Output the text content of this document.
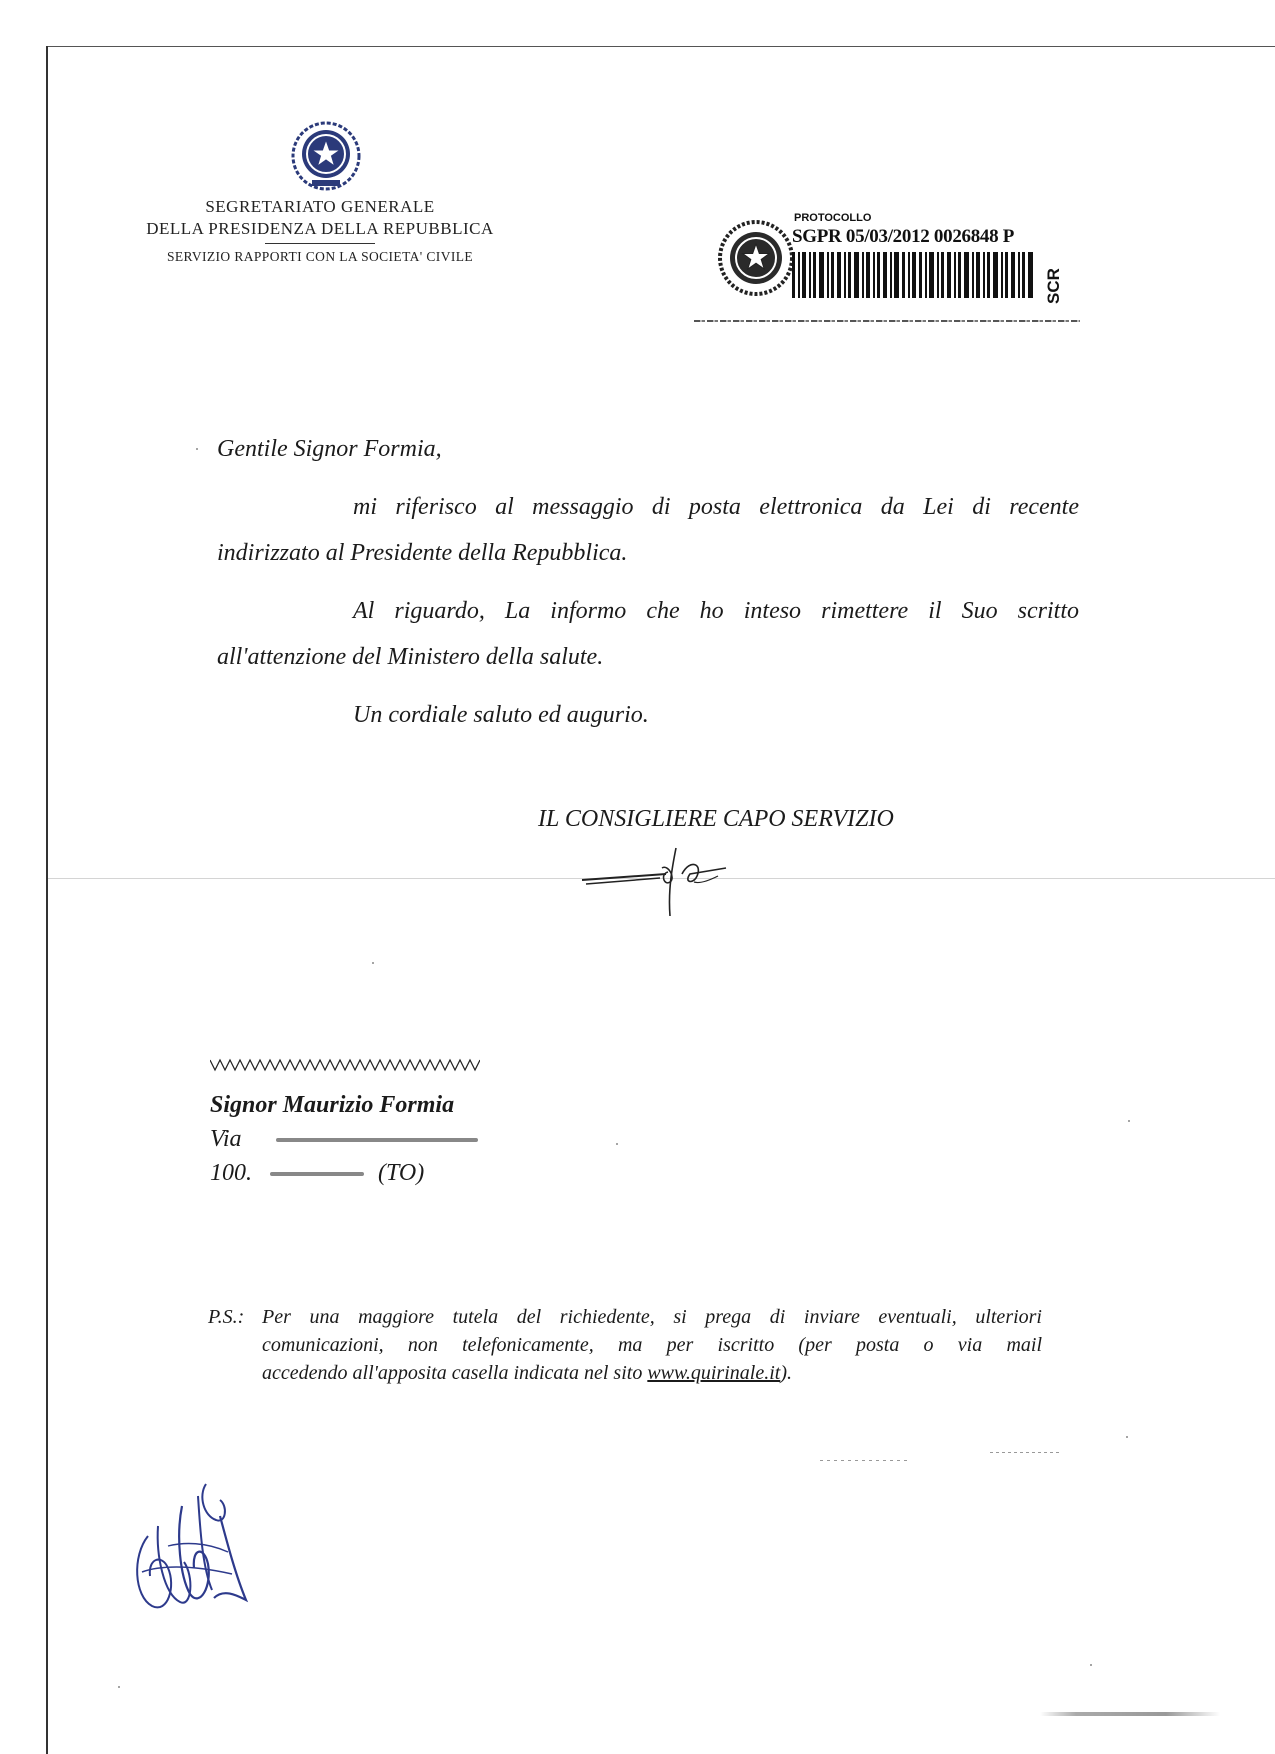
SEGRETARIATO GENERALE
DELLA PRESIDENZA DELLA REPUBBLICA
SERVIZIO RAPPORTI CON LA SOCIETA' CIVILE
PROTOCOLLO
SGPR 05/03/2012 0026848 P
SCR
Gentile Signor Formia,
mi riferisco al messaggio di posta elettronica da Lei di recente
indirizzato al Presidente della Repubblica.
Al riguardo, La informo che ho inteso rimettere il Suo scritto
all'attenzione del Ministero della salute.
Un cordiale saluto ed augurio.
IL CONSIGLIERE CAPO SERVIZIO
Signor Maurizio Formia
Via
100.	(TO)
P.S.: Per una maggiore tutela del richiedente, si prega di inviare eventuali, ulteriori
comunicazioni, non telefonicamente, ma per iscritto (per posta o via mail
accedendo all'apposita casella indicata nel sito www.quirinale.it).
